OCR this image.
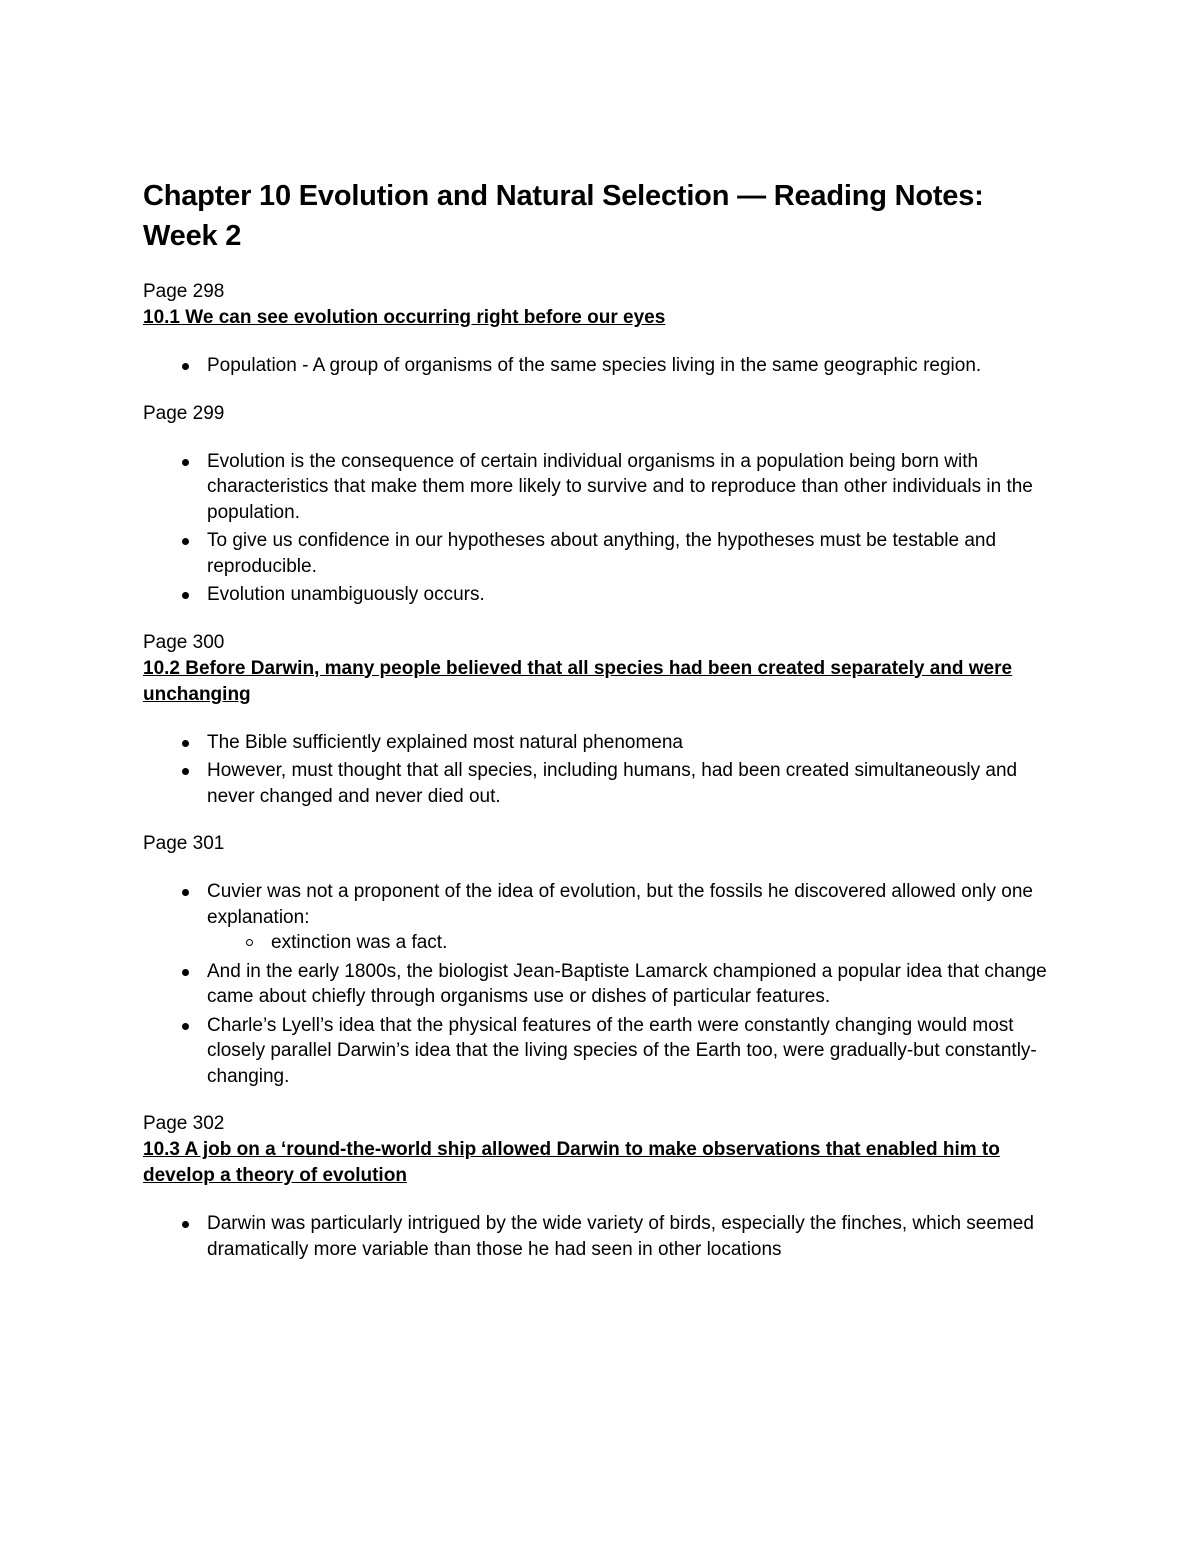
Chapter 10 Evolution and Natural Selection — Reading Notes: Week 2

Page 298

10.1 We can see evolution occurring right before our eyes

Population - A group of organisms of the same species living in the same geographic region.

Page 299

Evolution is the consequence of certain individual organisms in a population being born with characteristics that make them more likely to survive and to reproduce than other individuals in the population.
To give us confidence in our hypotheses about anything, the hypotheses must be testable and reproducible.
Evolution unambiguously occurs.

Page 300

10.2 Before Darwin, many people believed that all species had been created separately and were unchanging

The Bible sufficiently explained most natural phenomena
However, must thought that all species, including humans, had been created simultaneously and never changed and never died out.

Page 301

Cuvier was not a proponent of the idea of evolution, but the fossils he discovered allowed only one explanation:
extinction was a fact.
And in the early 1800s, the biologist Jean-Baptiste Lamarck championed a popular idea that change came about chiefly through organisms use or dishes of particular features.
Charle’s Lyell’s idea that the physical features of the earth were constantly changing would most closely parallel Darwin’s idea that the living species of the Earth too, were gradually-but constantly-changing.

Page 302

10.3 A job on a ‘round-the-world ship allowed Darwin to make observations that enabled him to develop a theory of evolution

Darwin was particularly intrigued by the wide variety of birds, especially the finches, which seemed dramatically more variable than those he had seen in other locations
